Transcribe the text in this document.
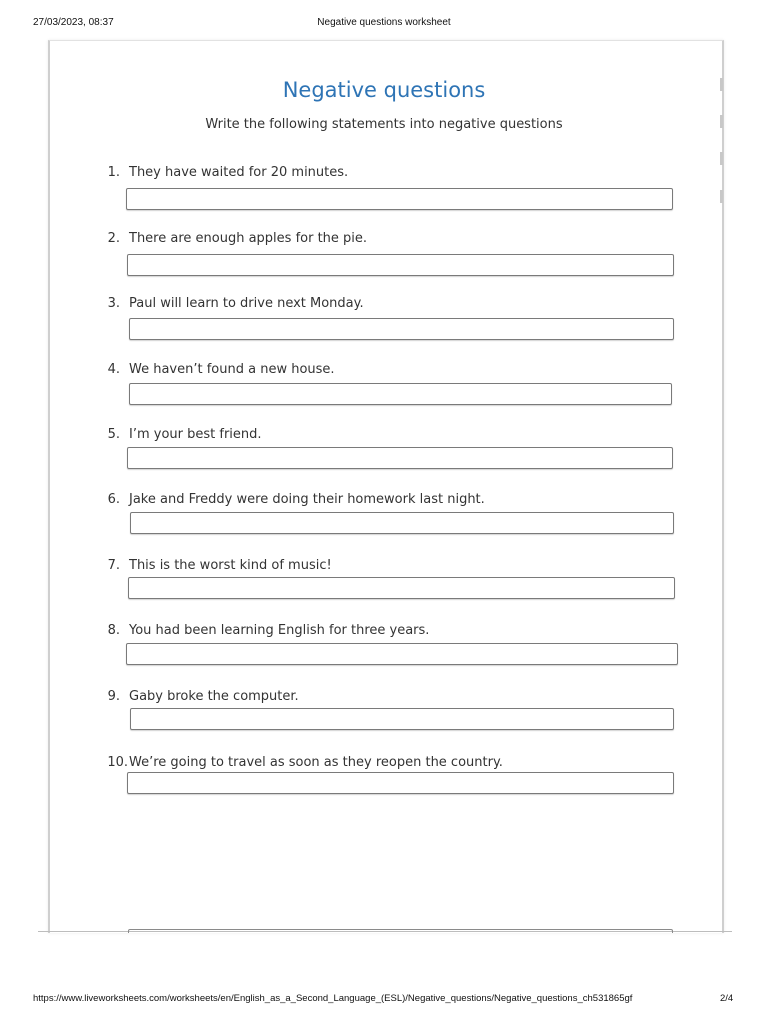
27/03/2023, 08:37	Negative questions worksheet
Negative questions
Write the following statements into negative questions
1. They have waited for 20 minutes.
2. There are enough apples for the pie.
3. Paul will learn to drive next Monday.
4. We haven’t found a new house.
5. I’m your best friend.
6. Jake and Freddy were doing their homework last night.
7. This is the worst kind of music!
8. You had been learning English for three years.
9. Gaby broke the computer.
10. We’re going to travel as soon as they reopen the country.
https://www.liveworksheets.com/worksheets/en/English_as_a_Second_Language_(ESL)/Negative_questions/Negative_questions_ch531865gf	2/4
